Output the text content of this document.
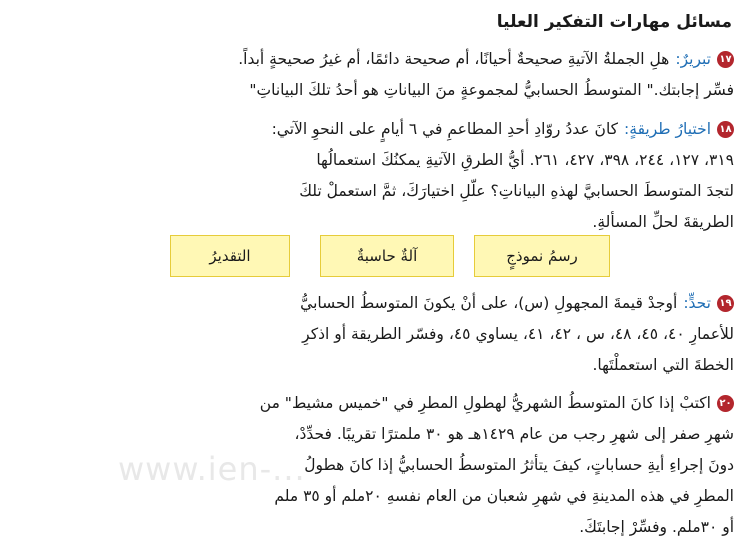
مسائل مهارات التفكير العليا
١٧تبريرٌ:هلِ الجملةُ الآتيةِ صحيحةٌ أحيانًا، أم صحيحة دائمًا، أم غيرُ صحيحةٍ أبداً.
فسِّر إجابتك." المتوسطُ الحسابيُّ لمجموعةٍ منَ البياناتِ هو أحدُ تلكَ البياناتِ"
١٨اختيارُ طريقةٍ:كانَ عددُ روّادِ أحدِ المطاعمِ في ٦ أيامٍ على النحوِ الآتي:
٣١٩، ١٢٧، ٢٤٤، ٣٩٨، ٤٢٧، ٢٦١. أيُّ الطرقِ الآتيةِ يمكنُكَ استعمالُها
لتجدَ المتوسطَ الحسابيَّ لهذهِ البياناتِ؟ علّلِ اختيارَكَ، ثمَّ استعملْ تلكَ
الطريقةَ لحلِّ المسألةِ.
رسمُ نموذجٍ
آلةٌ حاسبةٌ
التقديرُ
١٩تحدٍّ:أوجدْ قيمةَ المجهولِ (س)، على أنْ يكونَ المتوسطُ الحسابيُّ
للأعمارِ ٤٠، ٤٥، ٤٨، س ، ٤٢، ٤١، يساوي ٤٥، وفسّر الطريقة أو اذكرِ
الخطةَ التي استعملْتَها.
٢٠اكتبْ إذا كانَ المتوسطُ الشهريُّ لهطولِ المطرِ في "خميس مشيط" من
شهرِ صفر إلى شهرِ رجب من عام ١٤٢٩هـ هو ٣٠ ملمترًا تقريبًا. فحدِّدْ،
دونَ إجراءِ أيةِ حساباتٍ، كيفَ يتأثرُ المتوسطُ الحسابيُّ إذا كانَ هطولُ
المطرِ في هذه المدينةِ في شهرِ شعبان من العام نفسهِ ٢٠ملم أو ٣٥ ملم
أو ٣٠ملم. وفسِّرْ إجابتَكَ.
www.ien-...
